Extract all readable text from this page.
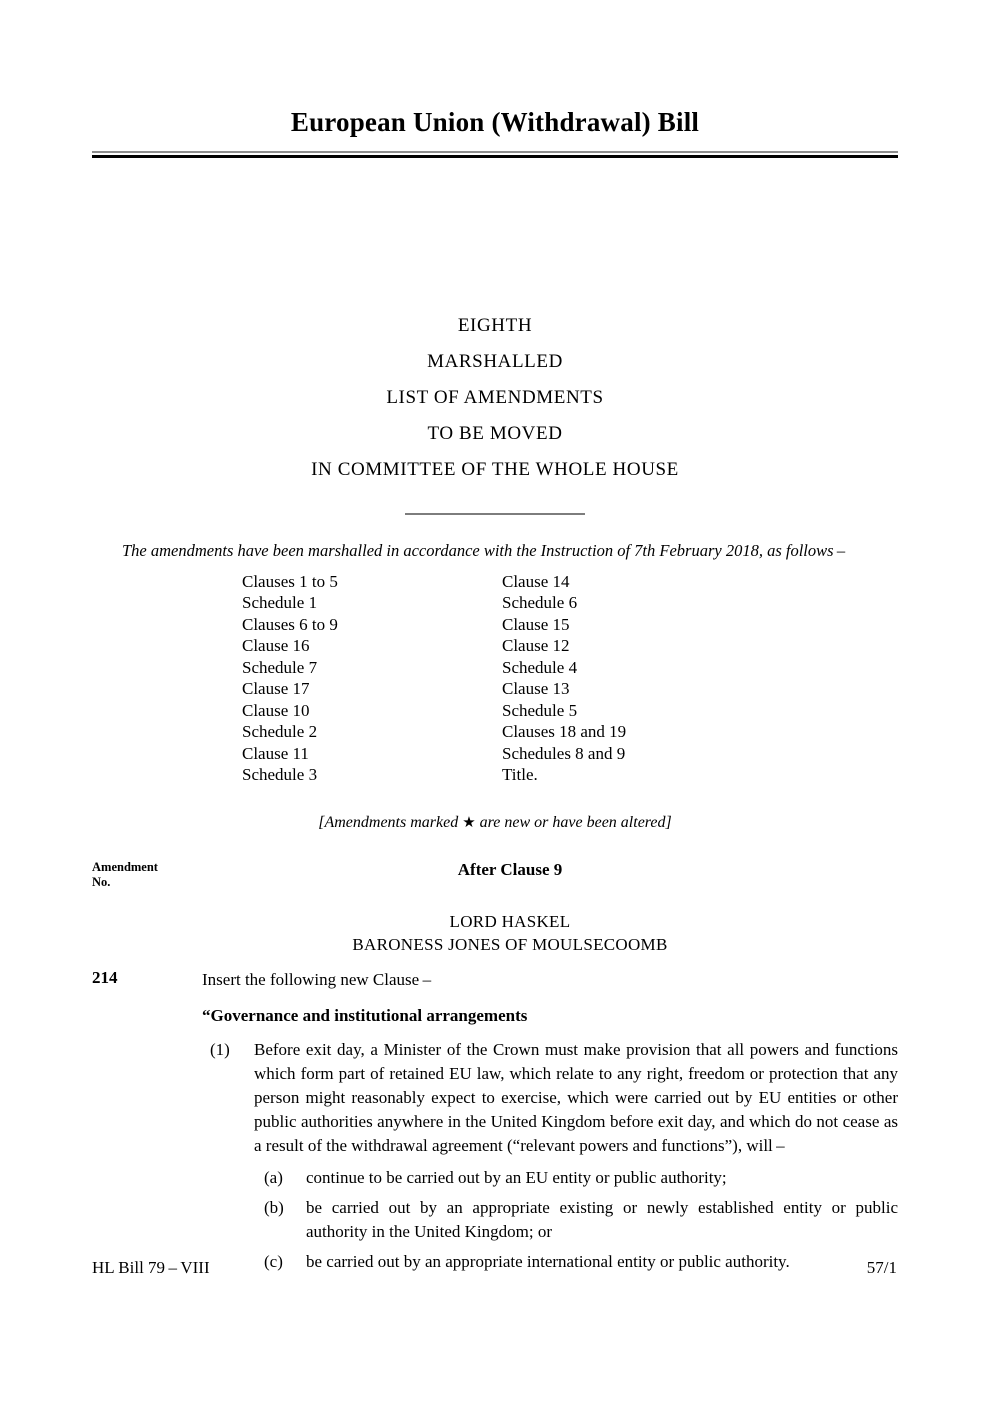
European Union (Withdrawal) Bill
EIGHTH
MARSHALLED
LIST OF AMENDMENTS
TO BE MOVED
IN COMMITTEE OF THE WHOLE HOUSE
The amendments have been marshalled in accordance with the Instruction of 7th February 2018, as follows –
Clauses 1 to 5
Schedule 1
Clauses 6 to 9
Clause 16
Schedule 7
Clause 17
Clause 10
Schedule 2
Clause 11
Schedule 3
Clause 14
Schedule 6
Clause 15
Clause 12
Schedule 4
Clause 13
Schedule 5
Clauses 18 and 19
Schedules 8 and 9
Title.
[Amendments marked ★ are new or have been altered]
Amendment
No.
After Clause 9
LORD HASKEL
BARONESS JONES OF MOULSECOOMB
214	Insert the following new Clause –
“Governance and institutional arrangements
(1) Before exit day, a Minister of the Crown must make provision that all powers and functions which form part of retained EU law, which relate to any right, freedom or protection that any person might reasonably expect to exercise, which were carried out by EU entities or other public authorities anywhere in the United Kingdom before exit day, and which do not cease as a result of the withdrawal agreement (“relevant powers and functions”), will –
(a) continue to be carried out by an EU entity or public authority;
(b) be carried out by an appropriate existing or newly established entity or public authority in the United Kingdom; or
(c) be carried out by an appropriate international entity or public authority.
HL Bill 79 – VIII	57/1
